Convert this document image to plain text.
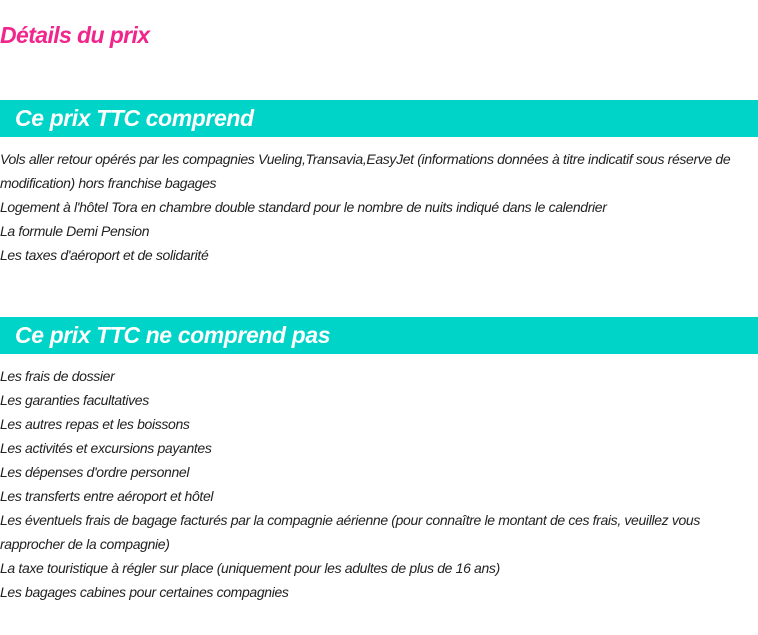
Détails du prix
Ce prix TTC comprend
Vols aller retour opérés par les compagnies Vueling,Transavia,EasyJet (informations données à titre indicatif sous réserve de modification) hors franchise bagages
Logement à l'hôtel Tora en chambre double standard pour le nombre de nuits indiqué dans le calendrier
La formule Demi Pension
Les taxes d'aéroport et de solidarité
Ce prix TTC ne comprend pas
Les frais de dossier
Les garanties facultatives
Les autres repas et les boissons
Les activités et excursions payantes
Les dépenses d'ordre personnel
Les transferts entre aéroport et hôtel
Les éventuels frais de bagage facturés par la compagnie aérienne (pour connaître le montant de ces frais, veuillez vous rapprocher de la compagnie)
La taxe touristique à régler sur place (uniquement pour les adultes de plus de 16 ans)
Les bagages cabines pour certaines compagnies
